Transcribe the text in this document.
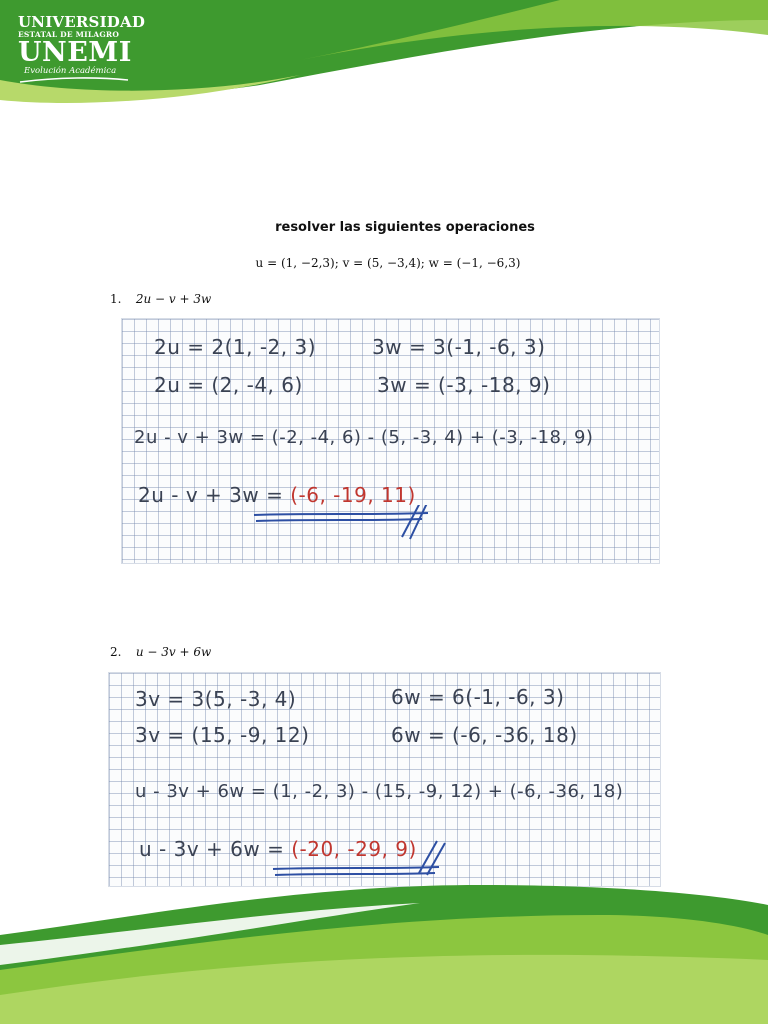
UNIVERSIDAD
ESTATAL DE MILAGRO
UNEMI
Evolución Académica
resolver las siguientes operaciones
u = (1, −2,3); v = (5, −3,4); w = (−1, −6,3)
1. 2u − v + 3w
2u = 2(1, -2, 3)	3w = 3(-1, -6, 3)
2u = (2, -4, 6)	3w = (-3, -18, 9)
2u - v + 3w = (-2, -4, 6) - (5, -3, 4) + (-3, -18, 9)
2u - v + 3w = (-6, -19, 11)
2. u − 3v + 6w
3v = 3(5, -3, 4)	6w = 6(-1, -6, 3)
3v = (15, -9, 12)	6w = (-6, -36, 18)
u - 3v + 6w = (1, -2, 3) - (15, -9, 12) + (-6, -36, 18)
u - 3v + 6w = (-20, -29, 9)
